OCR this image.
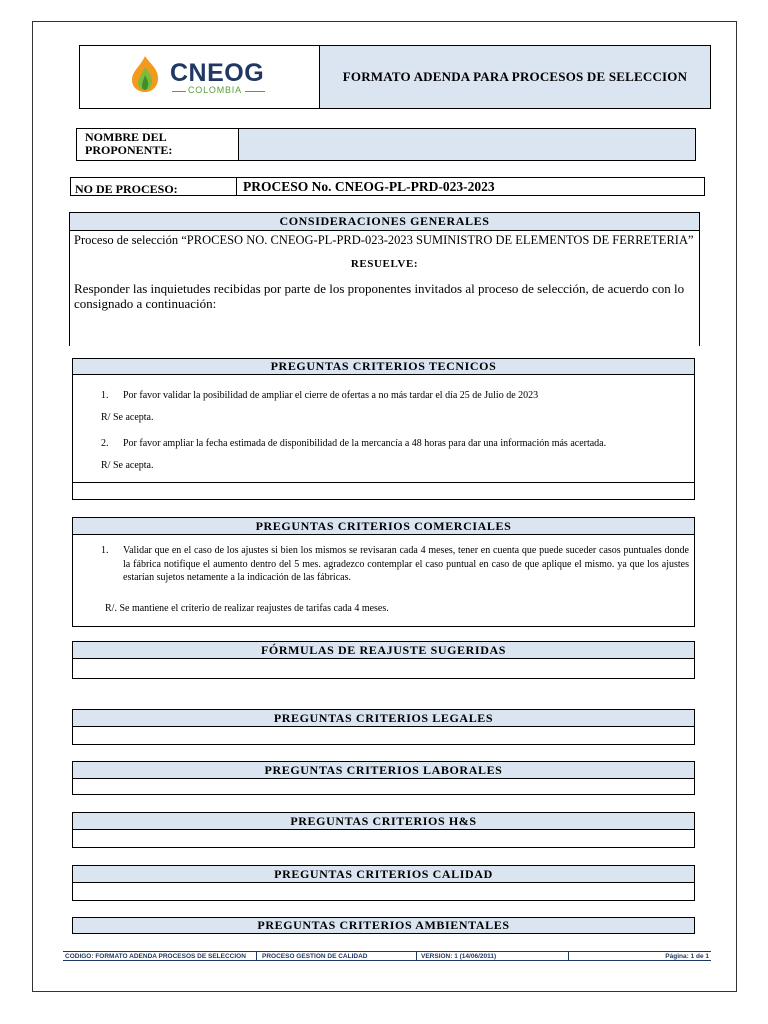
CNEOG
COLOMBIA
FORMATO ADENDA PARA PROCESOS DE SELECCION
NOMBRE DEL PROPONENTE:
NO DE PROCESO:	PROCESO No. CNEOG-PL-PRD-023-2023
CONSIDERACIONES GENERALES
Proceso de selección “PROCESO NO. CNEOG-PL-PRD-023-2023 SUMINISTRO DE ELEMENTOS DE FERRETERIA”
RESUELVE:
Responder las inquietudes recibidas por parte de los proponentes invitados al proceso de selección, de acuerdo con lo consignado a continuación:
PREGUNTAS CRITERIOS TECNICOS
1. Por favor validar la posibilidad de ampliar el cierre de ofertas a no más tardar el día 25 de Julio de 2023
R/ Se acepta.
2. Por favor ampliar la fecha estimada de disponibilidad de la mercancía a 48 horas para dar una información más acertada.
R/ Se acepta.
PREGUNTAS CRITERIOS COMERCIALES
1. Validar que en el caso de los ajustes si bien los mismos se revisaran cada 4 meses, tener en cuenta que puede suceder casos puntuales donde la fábrica notifique el aumento dentro del 5 mes. agradezco contemplar el caso puntual en caso de que aplique el mismo. ya que los ajustes estarían sujetos netamente a la indicación de las fábricas.
R/. Se mantiene el criterio de realizar reajustes de tarifas cada 4 meses.
FÓRMULAS DE REAJUSTE SUGERIDAS
PREGUNTAS CRITERIOS LEGALES
PREGUNTAS CRITERIOS LABORALES
PREGUNTAS CRITERIOS H&S
PREGUNTAS CRITERIOS CALIDAD
PREGUNTAS CRITERIOS AMBIENTALES
CODIGO: FORMATO ADENDA PROCESOS DE SELECCION PROCESO GESTION DE CALIDAD	VERSION: 1 (14/06/2011)	Página: 1 de 1
